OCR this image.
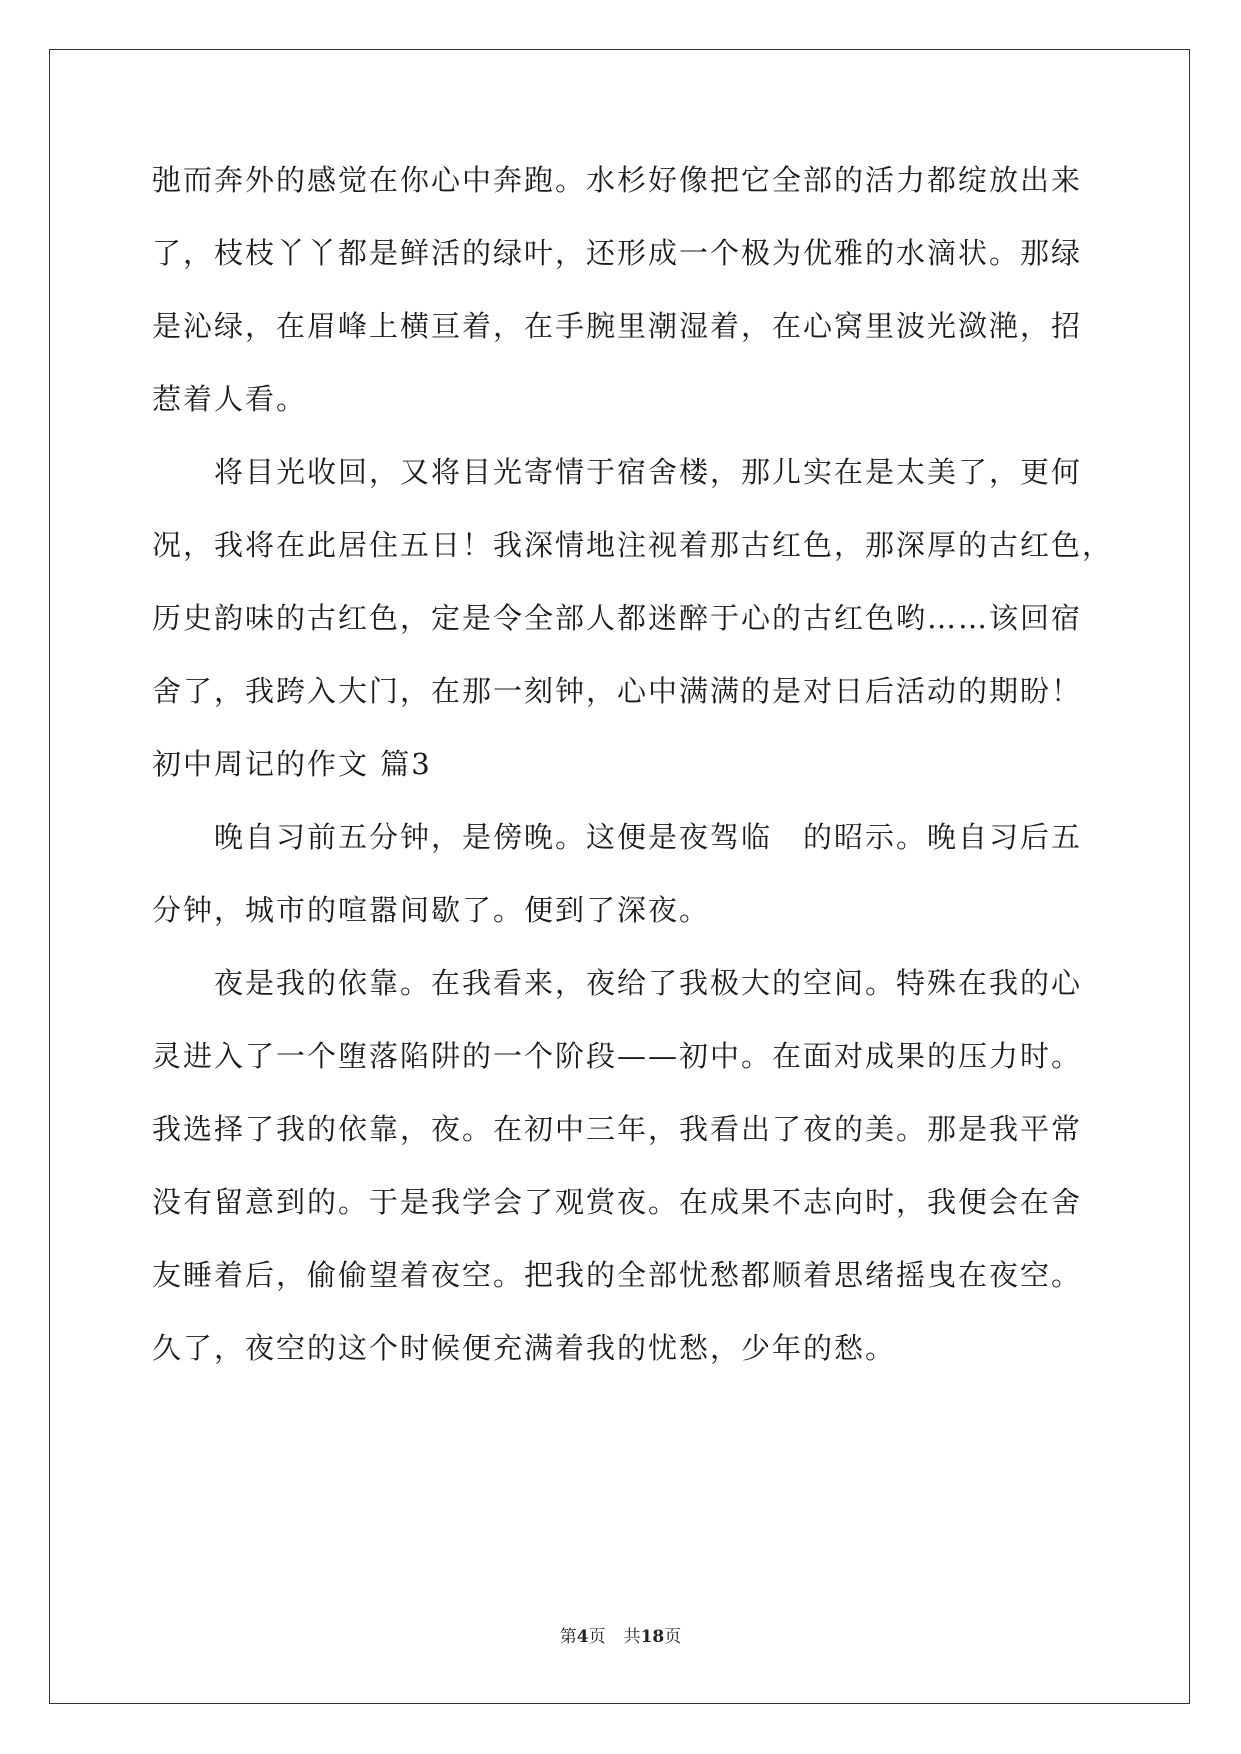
弛而奔外的感觉在你心中奔跑。水杉好像把它全部的活力都绽放出来
了，枝枝丫丫都是鲜活的绿叶，还形成一个极为优雅的水滴状。那绿
是沁绿，在眉峰上横亘着，在手腕里潮湿着，在心窝里波光潋滟，招
惹着人看。
　　将目光收回，又将目光寄情于宿舍楼，那儿实在是太美了，更何
况，我将在此居住五日！我深情地注视着那古红色，那深厚的古红色，
历史韵味的古红色，定是令全部人都迷醉于心的古红色哟……该回宿
舍了，我跨入大门，在那一刻钟，心中满满的是对日后活动的期盼！
初中周记的作文 篇3
　　晚自习前五分钟，是傍晚。这便是夜驾临　的昭示。晚自习后五
分钟，城市的喧嚣间歇了。便到了深夜。
　　夜是我的依靠。在我看来，夜给了我极大的空间。特殊在我的心
灵进入了一个堕落陷阱的一个阶段——初中。在面对成果的压力时。
我选择了我的依靠，夜。在初中三年，我看出了夜的美。那是我平常
没有留意到的。于是我学会了观赏夜。在成果不志向时，我便会在舍
友睡着后，偷偷望着夜空。把我的全部忧愁都顺着思绪摇曳在夜空。
久了，夜空的这个时候便充满着我的忧愁，少年的愁。
第4页 共18页
